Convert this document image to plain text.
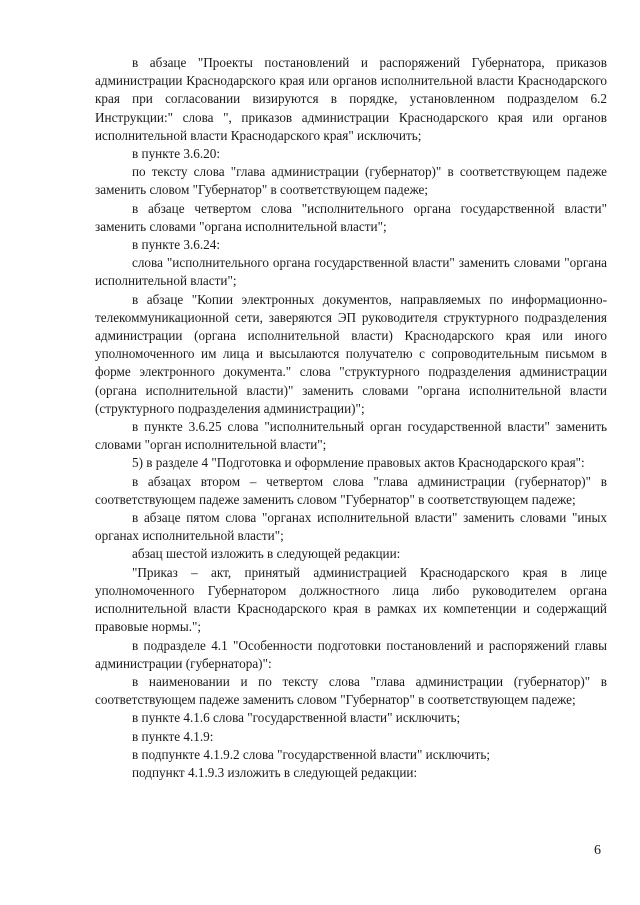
в абзаце "Проекты постановлений и распоряжений Губернатора, приказов администрации Краснодарского края или органов исполнительной власти Краснодарского края при согласовании визируются в порядке, установленном подразделом 6.2 Инструкции:" слова ", приказов администрации Краснодарского края или органов исполнительной власти Краснодарского края" исключить;

в пункте 3.6.20:

по тексту слова "глава администрации (губернатор)" в соответствующем падеже заменить словом "Губернатор" в соответствующем падеже;

в абзаце четвертом слова "исполнительного органа государственной власти" заменить словами "органа исполнительной власти";

в пункте 3.6.24:

слова "исполнительного органа государственной власти" заменить словами "органа исполнительной власти";

в абзаце "Копии электронных документов, направляемых по информационно-телекоммуникационной сети, заверяются ЭП руководителя структурного подразделения администрации (органа исполнительной власти) Краснодарского края или иного уполномоченного им лица и высылаются получателю с сопроводительным письмом в форме электронного документа." слова "структурного подразделения администрации (органа исполнительной власти)" заменить словами "органа исполнительной власти (структурного подразделения администрации)";

в пункте 3.6.25 слова "исполнительный орган государственной власти" заменить словами "орган исполнительной власти";

5) в разделе 4 "Подготовка и оформление правовых актов Краснодарского края":

в абзацах втором – четвертом слова "глава администрации (губернатор)" в соответствующем падеже заменить словом "Губернатор" в соответствующем падеже;

в абзаце пятом слова "органах исполнительной власти" заменить словами "иных органах исполнительной власти";

абзац шестой изложить в следующей редакции:

"Приказ – акт, принятый администрацией Краснодарского края в лице уполномоченного Губернатором должностного лица либо руководителем органа исполнительной власти Краснодарского края в рамках их компетенции и содержащий правовые нормы.";

в подразделе 4.1 "Особенности подготовки постановлений и распоряжений главы администрации (губернатора)":

в наименовании и по тексту слова "глава администрации (губернатор)" в соответствующем падеже заменить словом "Губернатор" в соответствующем падеже;

в пункте 4.1.6 слова "государственной власти" исключить;

в пункте 4.1.9:

в подпункте 4.1.9.2 слова "государственной власти" исключить;

подпункт 4.1.9.3 изложить в следующей редакции:

6
